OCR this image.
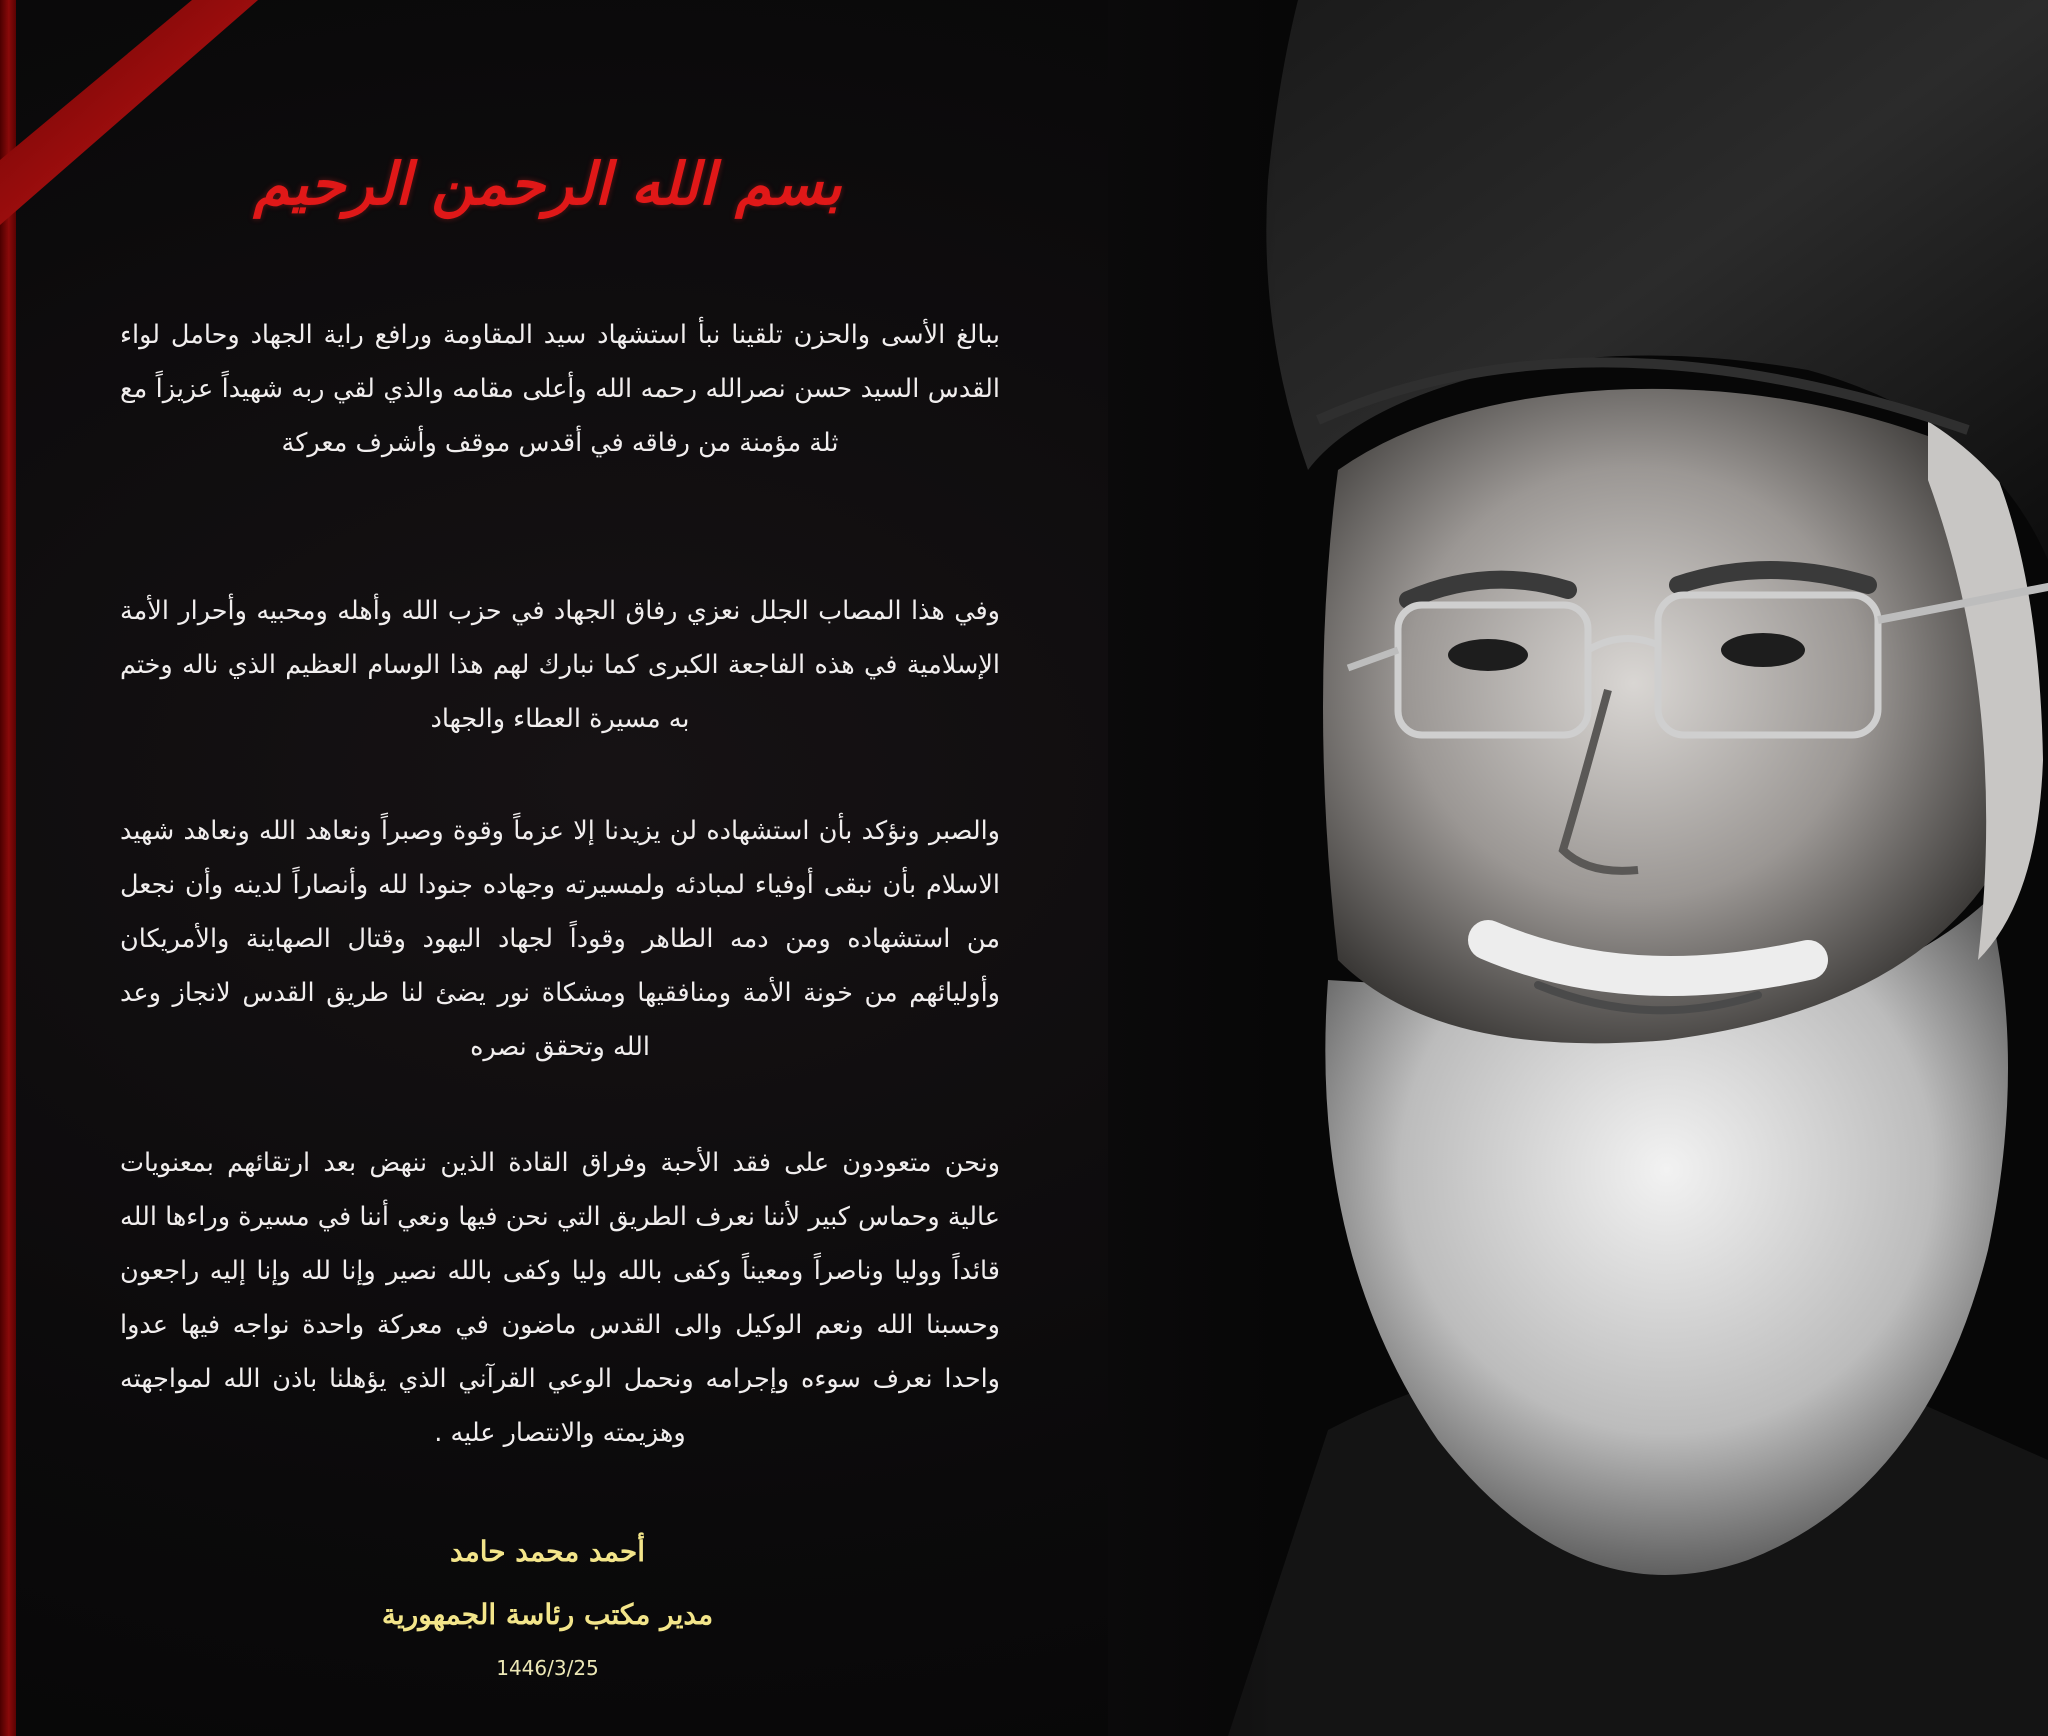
بسم الله الرحمن الرحيم

ببالغ الأسى والحزن تلقينا نبأ استشهاد سيد المقاومة ورافع راية الجهاد وحامل لواء القدس السيد حسن نصرالله رحمه الله وأعلى مقامه والذي لقي ربه شهيداً عزيزاً مع ثلة مؤمنة من رفاقه في أقدس موقف وأشرف معركة

وفي هذا المصاب الجلل نعزي رفاق الجهاد في حزب الله وأهله ومحبيه وأحرار الأمة الإسلامية في هذه الفاجعة الكبرى كما نبارك لهم هذا الوسام العظيم الذي ناله وختم به مسيرة العطاء والجهاد

والصبر ونؤكد بأن استشهاده لن يزيدنا إلا عزماً وقوة وصبراً ونعاهد الله ونعاهد شهيد الاسلام بأن نبقى أوفياء لمبادئه ولمسيرته وجهاده جنودا لله وأنصاراً لدينه وأن نجعل من استشهاده ومن دمه الطاهر وقوداً لجهاد اليهود وقتال الصهاينة والأمريكان وأوليائهم من خونة الأمة ومنافقيها ومشكاة نور يضئ لنا طريق القدس لانجاز وعد الله وتحقق نصره

ونحن متعودون على فقد الأحبة وفراق القادة الذين ننهض بعد ارتقائهم بمعنويات عالية وحماس كبير لأننا نعرف الطريق التي نحن فيها ونعي أننا في مسيرة وراءها الله قائداً ووليا وناصراً ومعيناً وكفى بالله وليا وكفى بالله نصير وإنا لله وإنا إليه راجعون وحسبنا الله ونعم الوكيل والى القدس ماضون في معركة واحدة نواجه فيها عدوا واحدا نعرف سوءه وإجرامه ونحمل الوعي القرآني الذي يؤهلنا باذن الله لمواجهته وهزيمته والانتصار عليه .

أحمد محمد حامد
مدير مكتب رئاسة الجمهورية
1446/3/25
